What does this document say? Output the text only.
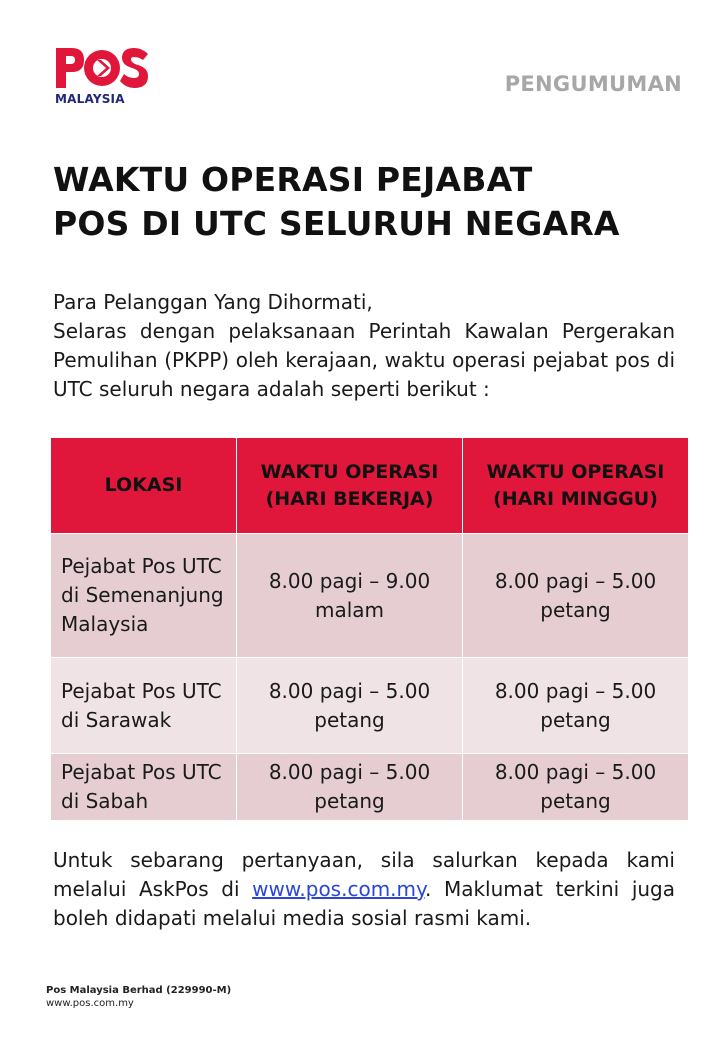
MALAYSIA
PENGUMUMAN
WAKTU OPERASI PEJABAT
POS DI UTC SELURUH NEGARA
Para Pelanggan Yang Dihormati,
Selaras dengan pelaksanaan Perintah Kawalan Pergerakan Pemulihan (PKPP) oleh kerajaan, waktu operasi pejabat pos di UTC seluruh negara adalah seperti berikut :
LOKASI	WAKTU OPERASI (HARI BEKERJA)	WAKTU OPERASI (HARI MINGGU)
Pejabat Pos UTC di Semenanjung Malaysia	8.00 pagi – 9.00 malam	8.00 pagi – 5.00 petang
Pejabat Pos UTC di Sarawak	8.00 pagi – 5.00 petang	8.00 pagi – 5.00 petang
Pejabat Pos UTC di Sabah	8.00 pagi – 5.00 petang	8.00 pagi – 5.00 petang
Untuk sebarang pertanyaan, sila salurkan kepada kami melalui AskPos di www.pos.com.my. Maklumat terkini juga boleh didapati melalui media sosial rasmi kami.
Pos Malaysia Berhad (229990-M)
www.pos.com.my
